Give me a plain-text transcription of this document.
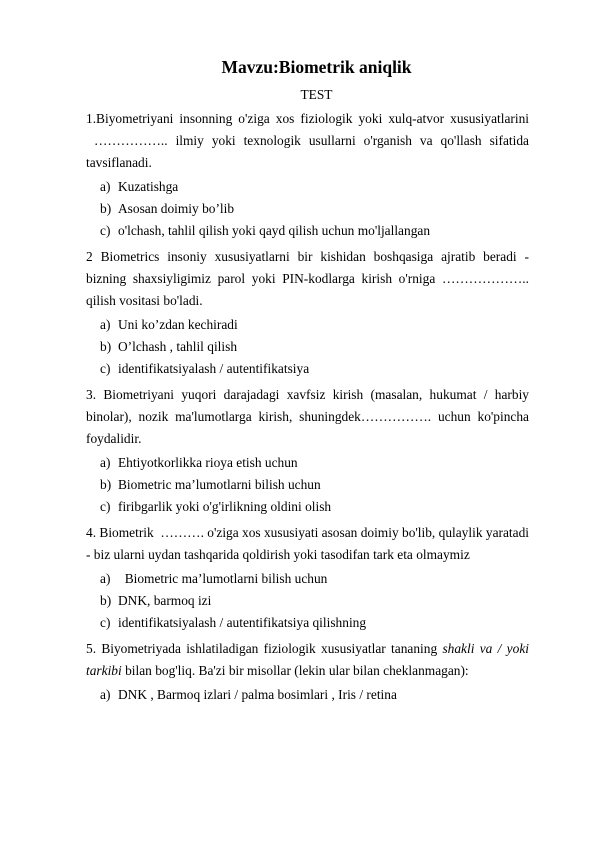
Mavzu:Biometrik aniqlik
TEST

1.Biyometriyani insonning o'ziga xos fiziologik yoki xulq-atvor xususiyatlarini  …………….. ilmiy yoki texnologik usullarni o'rganish va qo'llash sifatida tavsiflanadi.

a) Kuzatishga
b) Asosan doimiy bo’lib
c) o'lchash, tahlil qilish yoki qayd qilish uchun mo'ljallangan

2 Biometrics insoniy xususiyatlarni bir kishidan boshqasiga ajratib beradi - bizning shaxsiyligimiz parol yoki PIN-kodlarga kirish o'rniga ……………….. qilish vositasi bo'ladi.

a) Uni ko’zdan kechiradi
b) O’lchash , tahlil qilish
c) identifikatsiyalash / autentifikatsiya

3. Biometriyani yuqori darajadagi xavfsiz kirish (masalan, hukumat / harbiy binolar), nozik ma'lumotlarga kirish, shuningdek……………. uchun ko'pincha foydalidir.

a) Ehtiyotkorlikka rioya etish uchun
b) Biometric ma’lumotlarni bilish uchun
c) firibgarlik yoki o'g'irlikning oldini olish

4. Biometrik  ………. o'ziga xos xususiyati asosan doimiy bo'lib, qulaylik yaratadi - biz ularni uydan tashqarida qoldirish yoki tasodifan tark eta olmaymiz

a) Biometric ma’lumotlarni bilish uchun
b) DNK, barmoq izi
c) identifikatsiyalash / autentifikatsiya qilishning

5. Biyometriyada ishlatiladigan fiziologik xususiyatlar tananing shakli va / yoki tarkibi bilan bog'liq. Ba'zi bir misollar (lekin ular bilan cheklanmagan):

a) DNK , Barmoq izlari / palma bosimlari , Iris / retina
